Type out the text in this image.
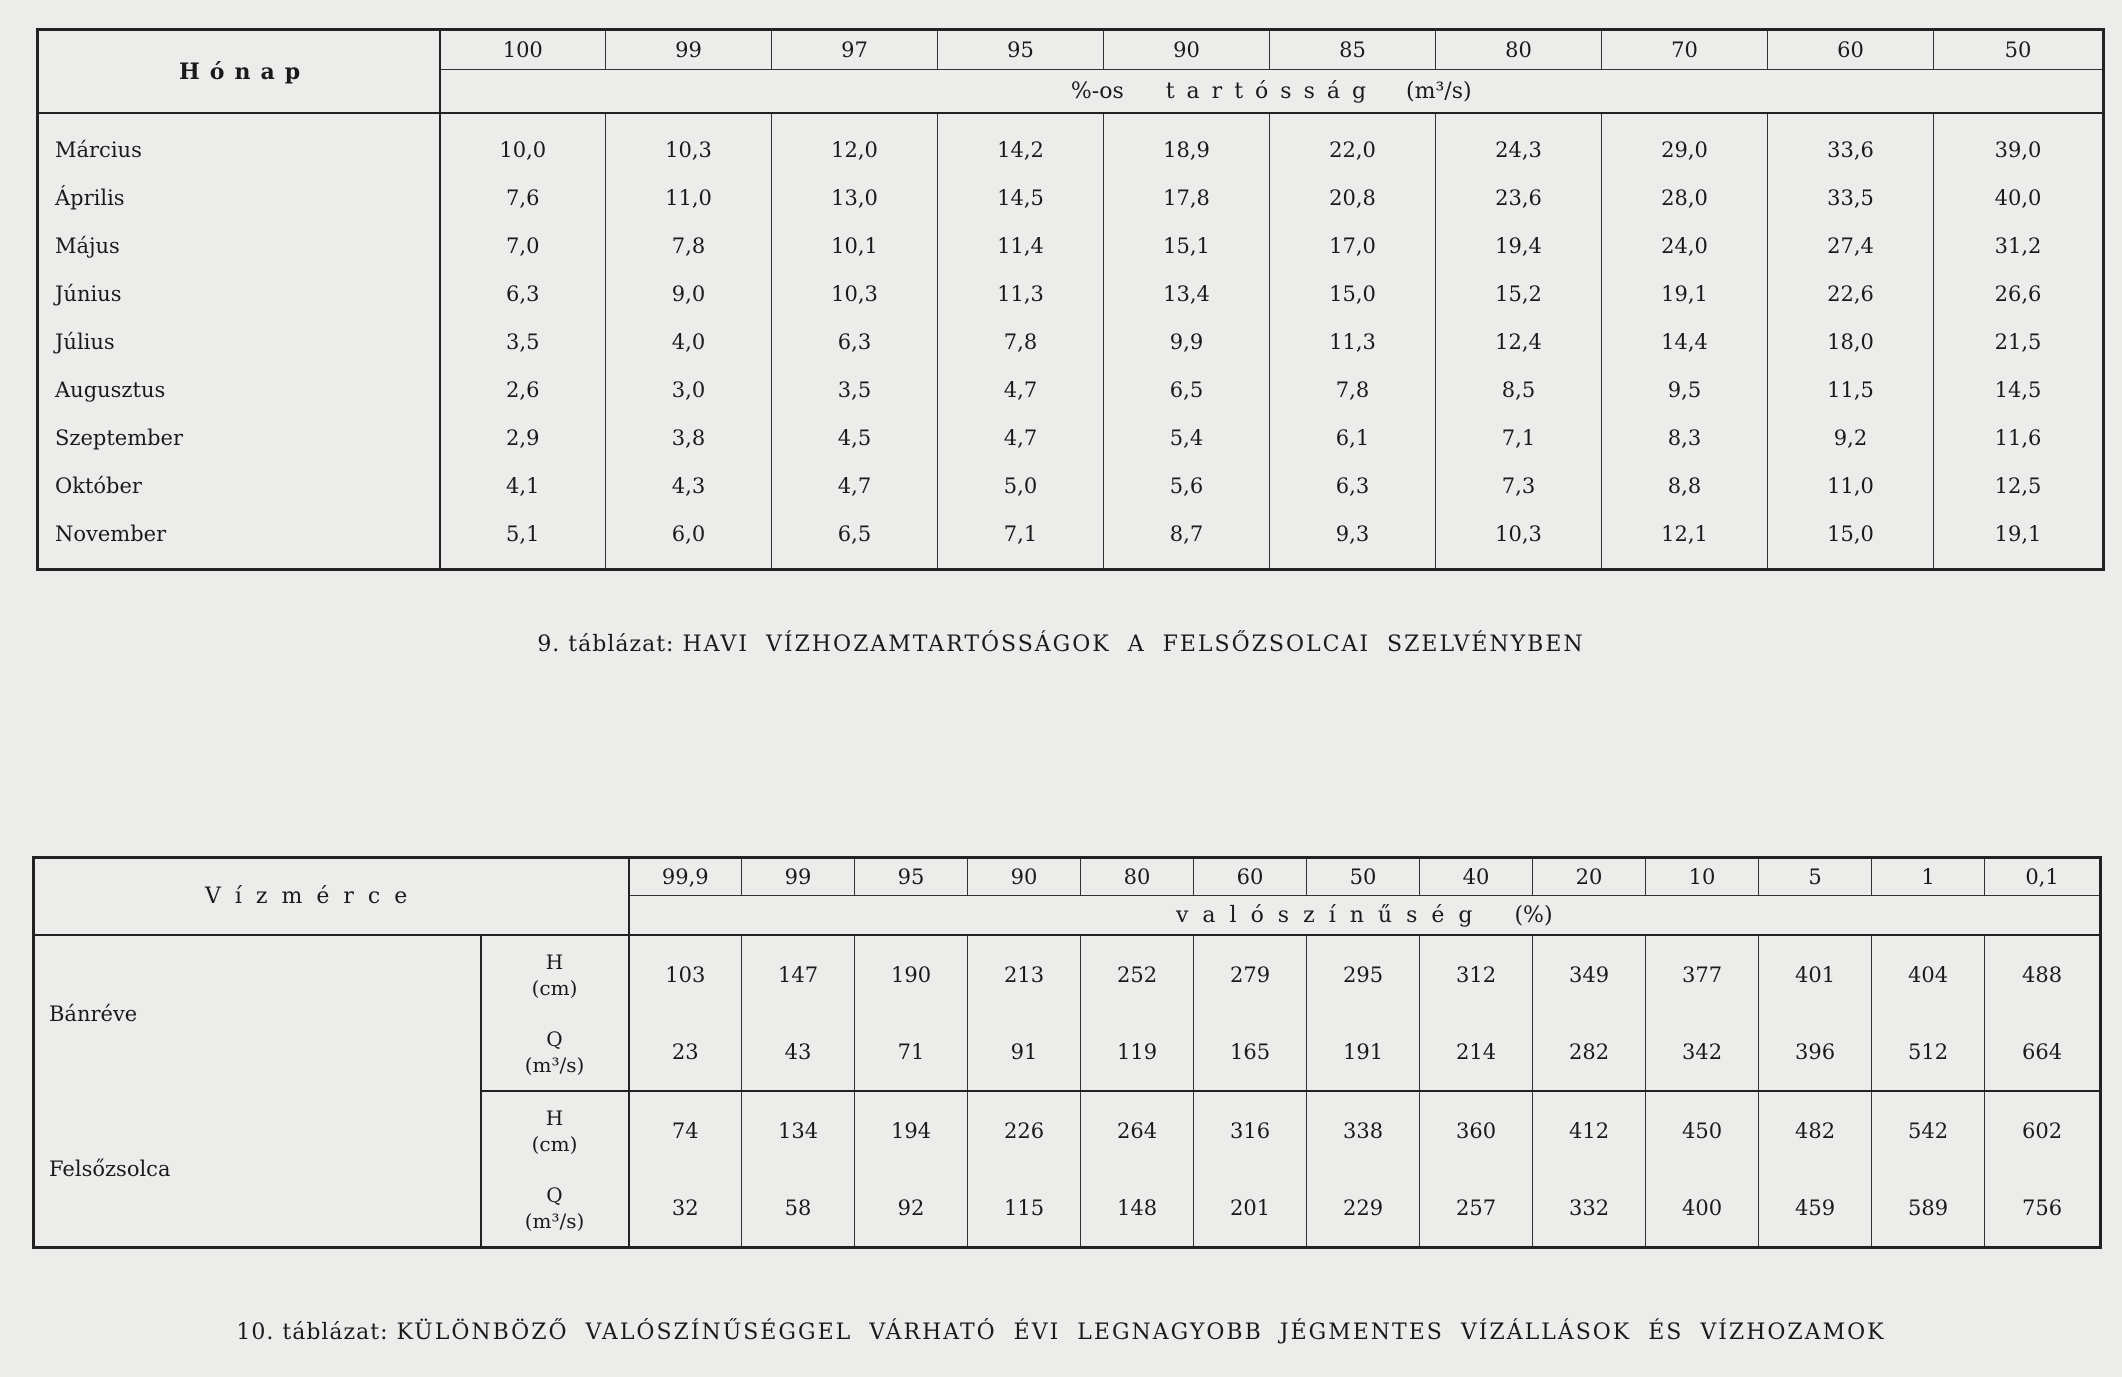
Hónap	100	99	97	95	90	85	80	70	60	50
	%-os tartósság (m³/s)									
Március	10,0	10,3	12,0	14,2	18,9	22,0	24,3	29,0	33,6	39,0
Április	7,6	11,0	13,0	14,5	17,8	20,8	23,6	28,0	33,5	40,0
Május	7,0	7,8	10,1	11,4	15,1	17,0	19,4	24,0	27,4	31,2
Június	6,3	9,0	10,3	11,3	13,4	15,0	15,2	19,1	22,6	26,6
Július	3,5	4,0	6,3	7,8	9,9	11,3	12,4	14,4	18,0	21,5
Augusztus	2,6	3,0	3,5	4,7	6,5	7,8	8,5	9,5	11,5	14,5
Szeptember	2,9	3,8	4,5	4,7	5,4	6,1	7,1	8,3	9,2	11,6
Október	4,1	4,3	4,7	5,0	5,6	6,3	7,3	8,8	11,0	12,5
November	5,1	6,0	6,5	7,1	8,7	9,3	10,3	12,1	15,0	19,1
9. táblázat: HAVI VÍZHOZAMTARTÓSSÁGOK A FELSŐZSOLCAI SZELVÉNYBEN
Vízmérce		99,9	99	95	90	80	60	50	40	20	10	5	1	0,1
		valószínűség (%)												
Bánréve	H
(cm)	103	147	190	213	252	279	295	312	349	377	401	404	488

	Q
(m³/s)	23	43	71	91	119	165	191	214	282	342	396	512	664
Felsőzsolca	H
(cm)	74	134	194	226	264	316	338	360	412	450	482	542	602

	Q
(m³/s)	32	58	92	115	148	201	229	257	332	400	459	589	756
10. táblázat: KÜLÖNBÖZŐ VALÓSZÍNŰSÉGGEL VÁRHATÓ ÉVI LEGNAGYOBB JÉGMENTES VÍZÁLLÁSOK ÉS VÍZHOZAMOK
